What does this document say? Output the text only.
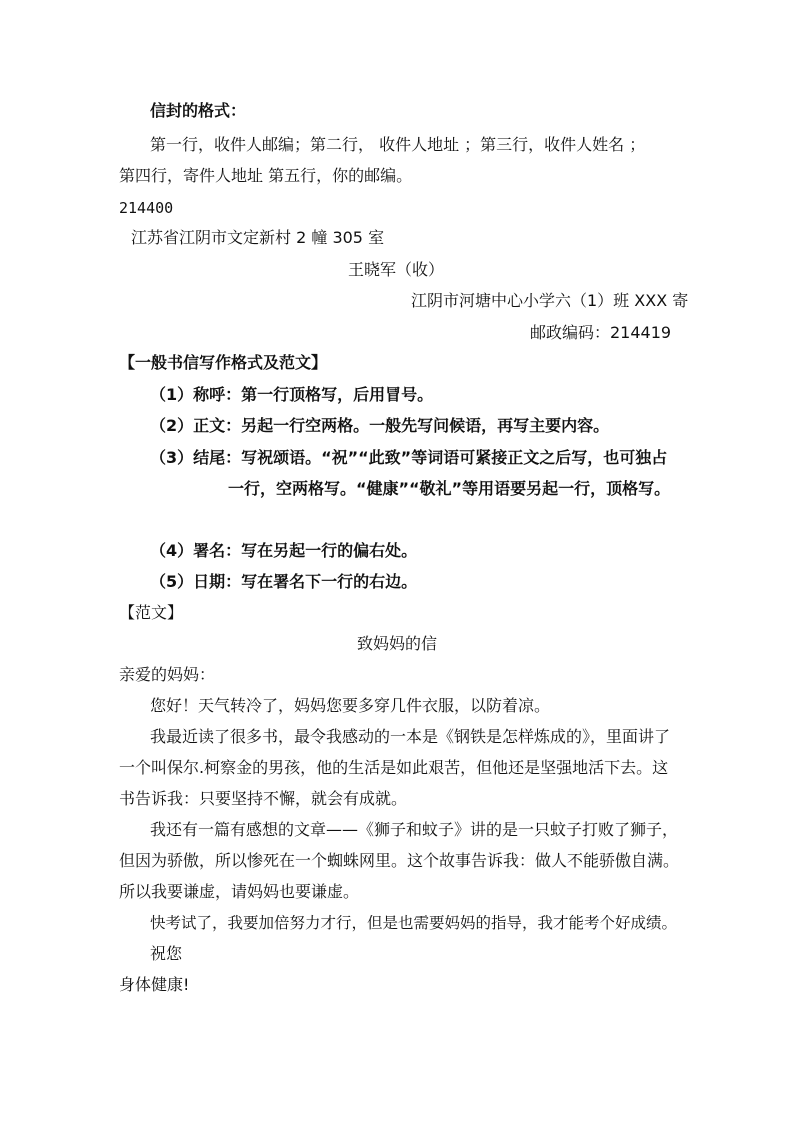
信封的格式：
第一行，收件人邮编；第二行， 收件人地址 ；第三行，收件人姓名 ；
第四行，寄件人地址 第五行，你的邮编。
214400
江苏省江阴市文定新村 2 幢 305 室
王晓军（收）
江阴市河塘中心小学六（1）班 XXX 寄
邮政编码：214419
【一般书信写作格式及范文】
（1）称呼：第一行顶格写，后用冒号。
（2）正文：另起一行空两格。一般先写问候语，再写主要内容。
（3）结尾：写祝颂语。“祝”“此致”等词语可紧接正文之后写，也可独占
一行，空两格写。“健康”“敬礼”等用语要另起一行，顶格写。
（4）署名：写在另起一行的偏右处。
（5）日期：写在署名下一行的右边。
【范文】
致妈妈的信
亲爱的妈妈：
您好！天气转冷了，妈妈您要多穿几件衣服，以防着凉。
我最近读了很多书，最令我感动的一本是《钢铁是怎样炼成的》，里面讲了
一个叫保尔.柯察金的男孩，他的生活是如此艰苦，但他还是坚强地活下去。这
书告诉我：只要坚持不懈，就会有成就。
我还有一篇有感想的文章——《狮子和蚊子》讲的是一只蚊子打败了狮子，
但因为骄傲，所以惨死在一个蜘蛛网里。这个故事告诉我：做人不能骄傲自满。
所以我要谦虚，请妈妈也要谦虚。
快考试了，我要加倍努力才行，但是也需要妈妈的指导，我才能考个好成绩。
祝您
身体健康!
